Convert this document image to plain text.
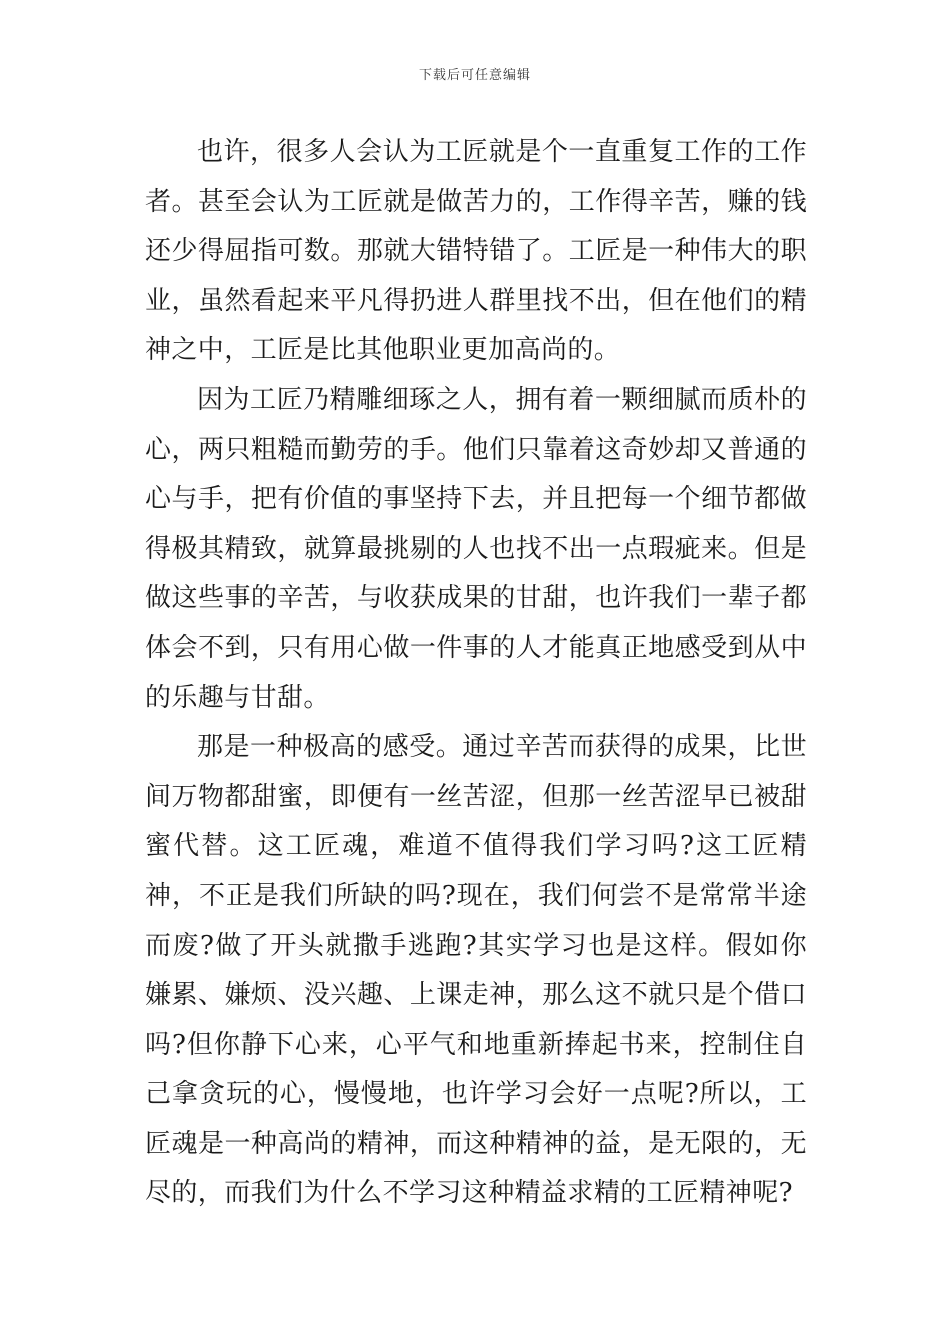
下载后可任意编辑

也许，很多人会认为工匠就是个一直重复工作的工作者。甚至会认为工匠就是做苦力的，工作得辛苦，赚的钱还少得屈指可数。那就大错特错了。工匠是一种伟大的职业，虽然看起来平凡得扔进人群里找不出，但在他们的精神之中，工匠是比其他职业更加高尚的。

因为工匠乃精雕细琢之人，拥有着一颗细腻而质朴的心，两只粗糙而勤劳的手。他们只靠着这奇妙却又普通的心与手，把有价值的事坚持下去，并且把每一个细节都做得极其精致，就算最挑剔的人也找不出一点瑕疵来。但是做这些事的辛苦，与收获成果的甘甜，也许我们一辈子都体会不到，只有用心做一件事的人才能真正地感受到从中的乐趣与甘甜。

那是一种极高的感受。通过辛苦而获得的成果，比世间万物都甜蜜，即便有一丝苦涩，但那一丝苦涩早已被甜蜜代替。这工匠魂，难道不值得我们学习吗?这工匠精神，不正是我们所缺的吗?现在，我们何尝不是常常半途而废?做了开头就撒手逃跑?其实学习也是这样。假如你嫌累、嫌烦、没兴趣、上课走神，那么这不就只是个借口吗?但你静下心来，心平气和地重新捧起书来，控制住自己拿贪玩的心，慢慢地，也许学习会好一点呢?所以，工匠魂是一种高尚的精神，而这种精神的益，是无限的，无尽的，而我们为什么不学习这种精益求精的工匠精神呢?
